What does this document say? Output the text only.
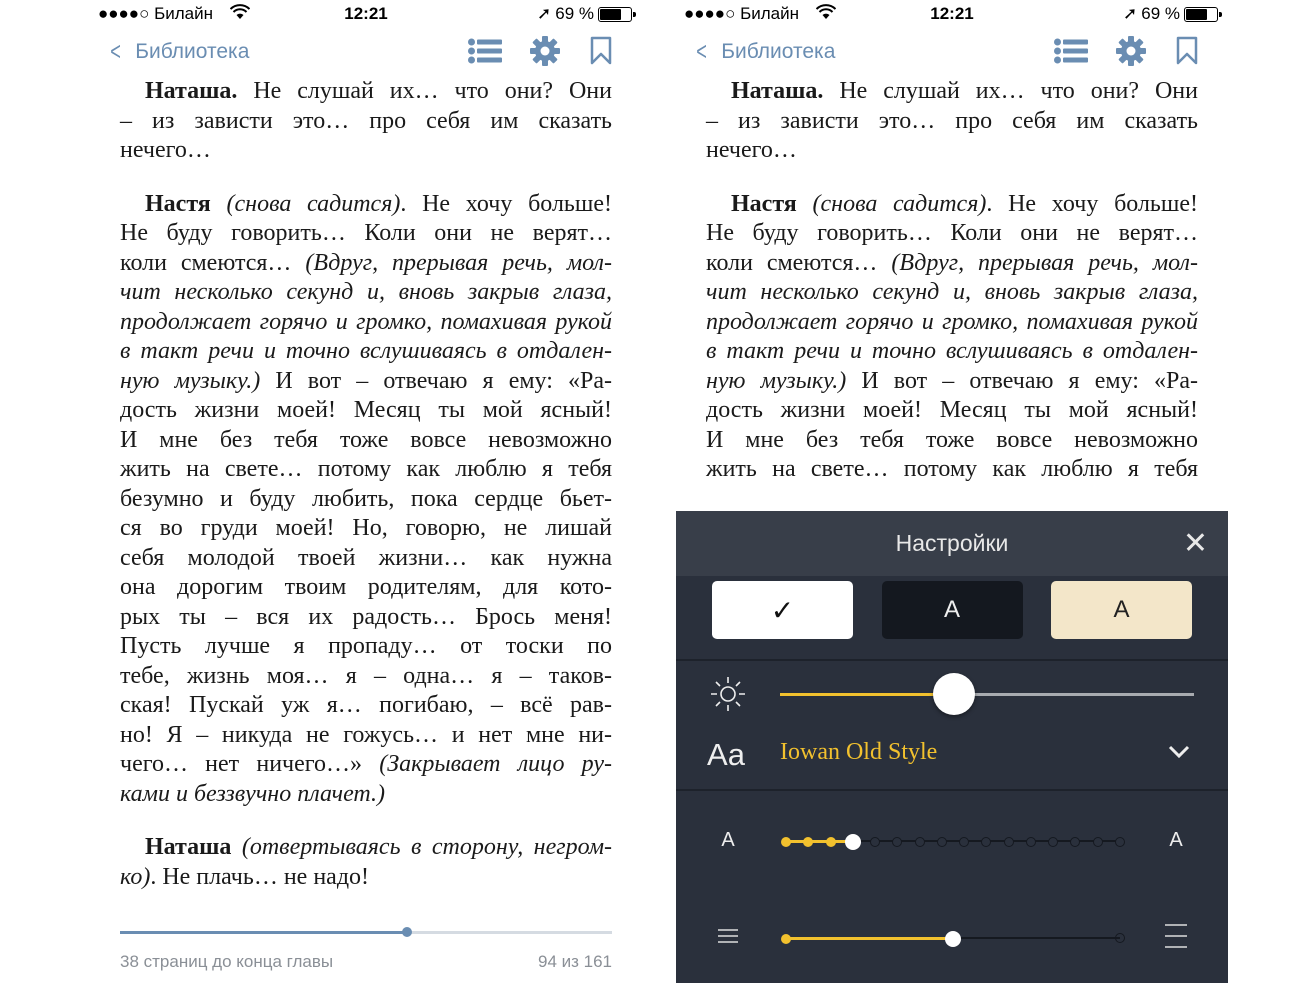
●●●●○ Билайн	12:21	➚ 69 %
< Библиотека
Наташа. Не слушай их… что они? Они
– из зависти это… про себя им сказать
нечего…
Настя (снова садится). Не хочу больше!
Не буду говорить… Коли они не верят…
коли смеются… (Вдруг, прерывая речь, мол-
чит несколько секунд и, вновь закрыв глаза,
продолжает горячо и громко, помахивая рукой
в такт речи и точно вслушиваясь в отдален-
ную музыку.) И вот – отвечаю я ему: «Ра-
дость жизни моей! Месяц ты мой ясный!
И мне без тебя тоже вовсе невозможно
жить на свете… потому как люблю я тебя
безумно и буду любить, пока сердце бьет-
ся во груди моей! Но, говорю, не лишай
себя молодой твоей жизни… как нужна
она дорогим твоим родителям, для кото-
рых ты – вся их радость… Брось меня!
Пусть лучше я пропаду… от тоски по
тебе, жизнь моя… я – одна… я – таков-
ская! Пускай уж я… погибаю, – всё рав-
но! Я – никуда не гожусь… и нет мне ни-
чего… нет ничего…» (Закрывает лицо ру-
ками и беззвучно плачет.)
Наташа (отвертываясь в сторону, негром-
ко). Не плачь… не надо!
38 страниц до конца главы	94 из 161
●●●●○ Билайн	12:21	➚ 69 %
< Библиотека
Наташа. Не слушай их… что они? Они
– из зависти это… про себя им сказать
нечего…
Настя (снова садится). Не хочу больше!
Не буду говорить… Коли они не верят…
коли смеются… (Вдруг, прерывая речь, мол-
чит несколько секунд и, вновь закрыв глаза,
продолжает горячо и громко, помахивая рукой
в такт речи и точно вслушиваясь в отдален-
ную музыку.) И вот – отвечаю я ему: «Ра-
дость жизни моей! Месяц ты мой ясный!
И мне без тебя тоже вовсе невозможно
жить на свете… потому как люблю я тебя
Настройки	✕
✓	A	A
Aa Iowan Old Style
A	A
